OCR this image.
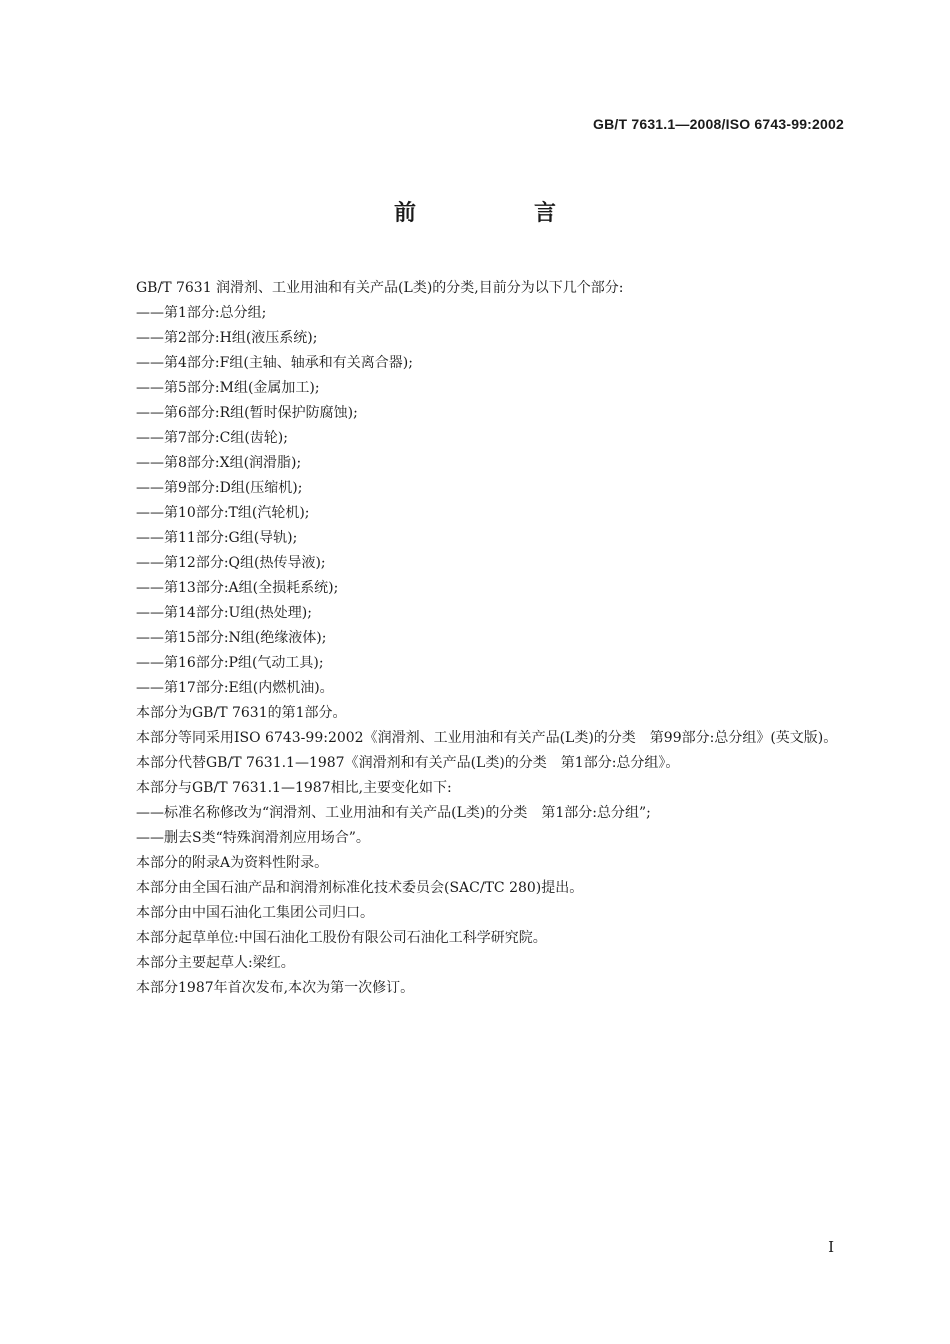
GB/T 7631.1—2008/ISO 6743-99:2002
前　言

GB/T 7631 润滑剂、工业用油和有关产品(L类)的分类,目前分为以下几个部分:

——第1部分:总分组;

——第2部分:H组(液压系统);

——第4部分:F组(主轴、轴承和有关离合器);

——第5部分:M组(金属加工);

——第6部分:R组(暂时保护防腐蚀);

——第7部分:C组(齿轮);

——第8部分:X组(润滑脂);

——第9部分:D组(压缩机);

——第10部分:T组(汽轮机);

——第11部分:G组(导轨);

——第12部分:Q组(热传导液);

——第13部分:A组(全损耗系统);

——第14部分:U组(热处理);

——第15部分:N组(绝缘液体);

——第16部分:P组(气动工具);

——第17部分:E组(内燃机油)。

本部分为GB/T 7631的第1部分。

本部分等同采用ISO 6743-99:2002《润滑剂、工业用油和有关产品(L类)的分类　第99部分:总分组》(英文版)。

本部分代替GB/T 7631.1—1987《润滑剂和有关产品(L类)的分类　第1部分:总分组》。

本部分与GB/T 7631.1—1987相比,主要变化如下:

——标准名称修改为“润滑剂、工业用油和有关产品(L类)的分类　第1部分:总分组”;

——删去S类“特殊润滑剂应用场合”。

本部分的附录A为资料性附录。

本部分由全国石油产品和润滑剂标准化技术委员会(SAC/TC 280)提出。

本部分由中国石油化工集团公司归口。

本部分起草单位:中国石油化工股份有限公司石油化工科学研究院。

本部分主要起草人:梁红。

本部分1987年首次发布,本次为第一次修订。

I
